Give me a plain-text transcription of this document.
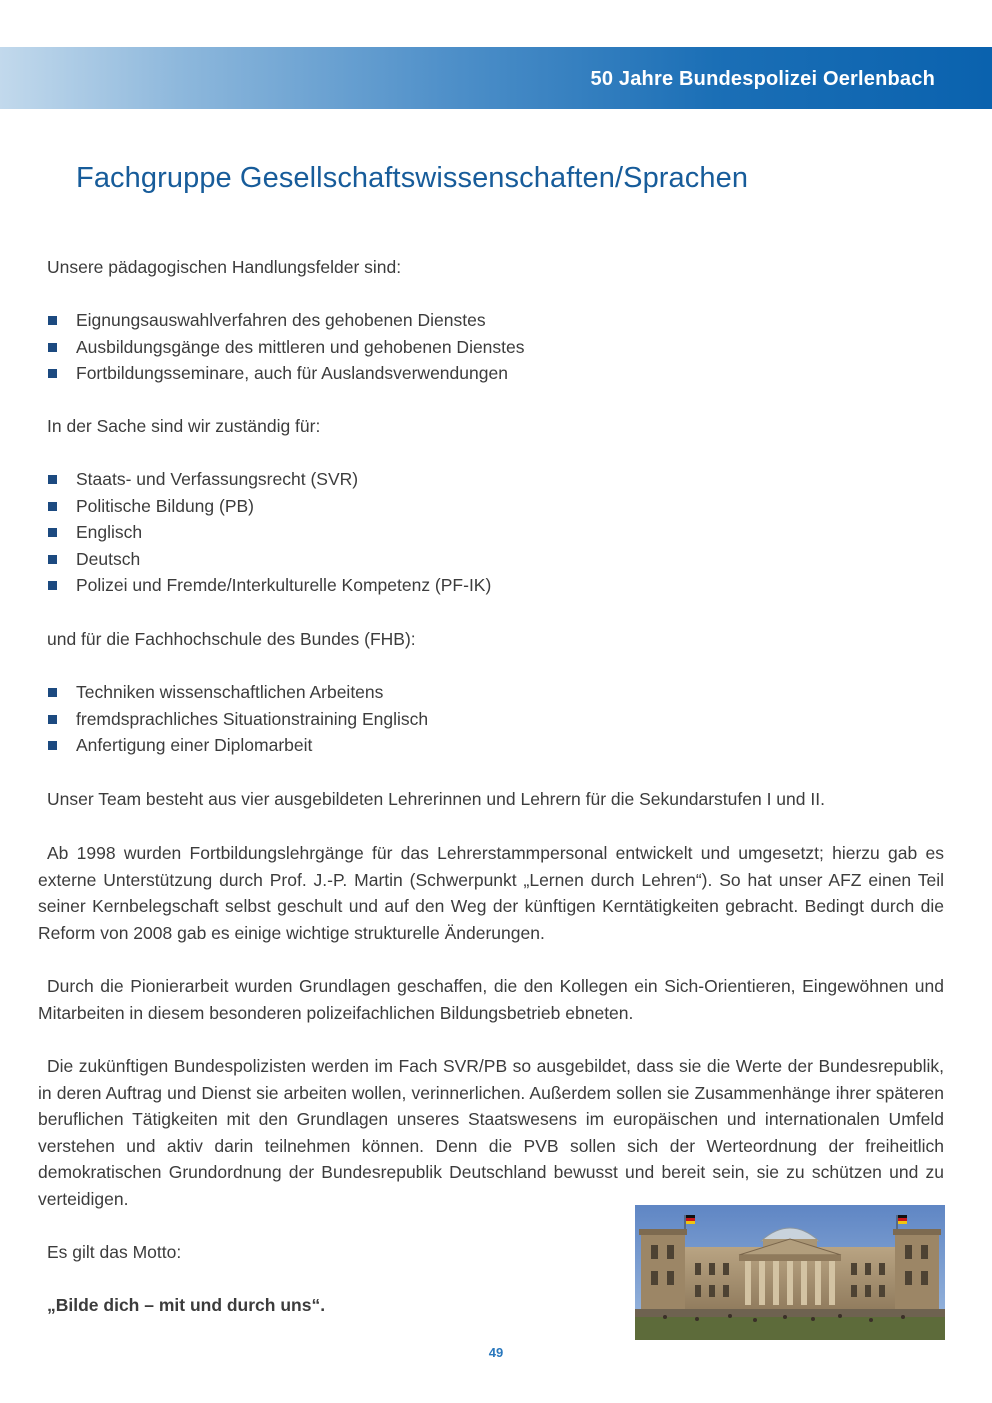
50 Jahre Bundespolizei Oerlenbach
Fachgruppe Gesellschaftswissenschaften/Sprachen

Unsere pädagogischen Handlungsfelder sind:

Eignungsauswahlverfahren des gehobenen Dienstes
Ausbildungsgänge des mittleren und gehobenen Dienstes
Fortbildungsseminare, auch für Auslandsverwendungen

In der Sache sind wir zuständig für:

Staats- und Verfassungsrecht (SVR)
Politische Bildung (PB)
Englisch
Deutsch
Polizei und Fremde/Interkulturelle Kompetenz (PF-IK)

und für die Fachhochschule des Bundes (FHB):

Techniken wissenschaftlichen Arbeitens
fremdsprachliches Situationstraining Englisch
Anfertigung einer Diplomarbeit

Unser Team besteht aus vier ausgebildeten Lehrerinnen und Lehrern für die Sekundarstufen I und II.

Ab 1998 wurden Fortbildungslehrgänge für das Lehrerstammpersonal entwickelt und umgesetzt; hierzu gab es externe Unterstützung durch Prof. J.-P. Martin (Schwerpunkt „Lernen durch Lehren“). So hat unser AFZ einen Teil seiner Kernbelegschaft selbst geschult und auf den Weg der künftigen Kerntätigkeiten gebracht. Bedingt durch die Reform von 2008 gab es einige wichtige strukturelle Änderungen.

Durch die Pionierarbeit wurden Grundlagen geschaffen, die den Kollegen ein Sich-Orientieren, Eingewöhnen und Mitarbeiten in diesem besonderen polizeifachlichen Bildungsbetrieb ebneten.

Die zukünftigen Bundespolizisten werden im Fach SVR/PB so ausgebildet, dass sie die Werte der Bundesrepublik, in deren Auftrag und Dienst sie arbeiten wollen, verinnerlichen. Außerdem sollen sie Zusammenhänge ihrer späteren beruflichen Tätigkeiten mit den Grundlagen unseres Staatswesens im europäischen und internationalen Umfeld verstehen und aktiv darin teilnehmen können. Denn die PVB sollen sich der Werteordnung der freiheitlich demokratischen Grundordnung der Bundesrepublik Deutschland bewusst und bereit sein, sie zu schützen und zu verteidigen.

Es gilt das Motto:

„Bilde dich – mit und durch uns“.

49
